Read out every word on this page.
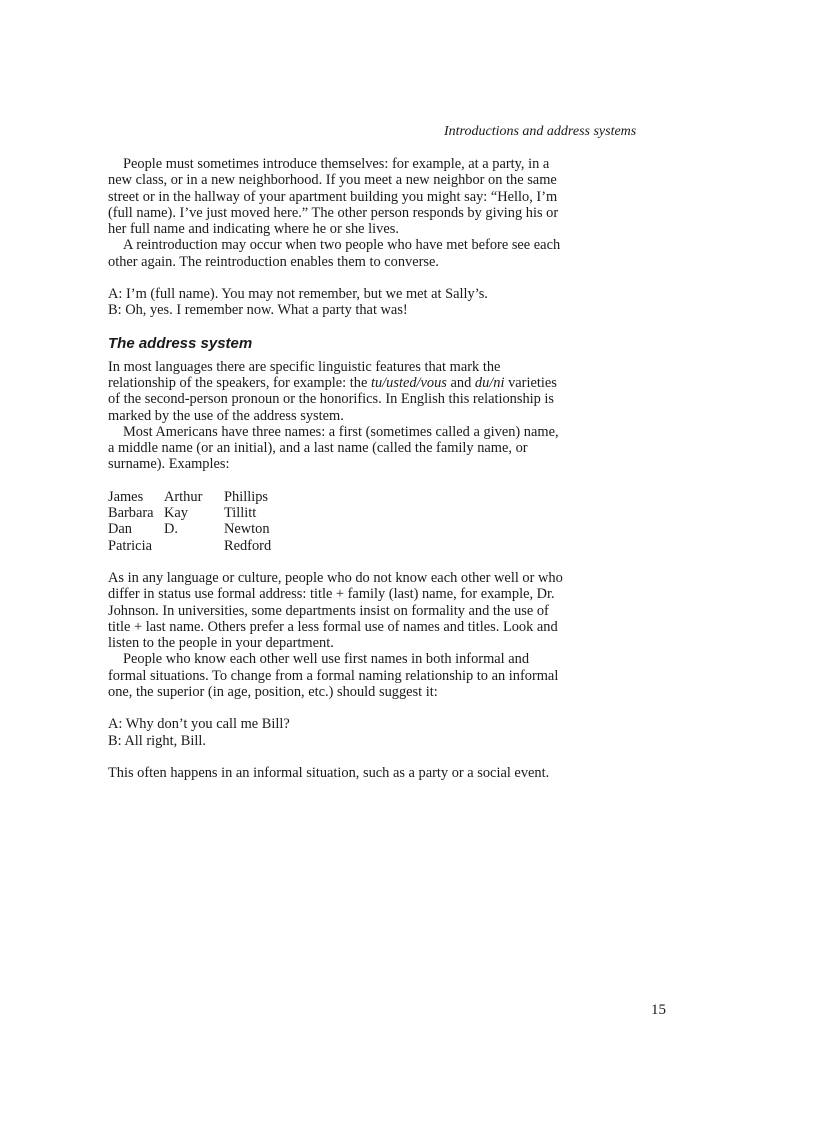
Introductions and address systems

People must sometimes introduce themselves: for example, at a party, in a new class, or in a new neighborhood. If you meet a new neighbor on the same street or in the hallway of your apartment building you might say: “Hello, I’m (full name). I’ve just moved here.” The other person responds by giving his or her full name and indicating where he or she lives.

A reintroduction may occur when two people who have met before see each other again. The reintroduction enables them to converse.

A: I’m (full name). You may not remember, but we met at Sally’s.

B: Oh, yes. I remember now. What a party that was!

The address system

In most languages there are specific linguistic features that mark the relationship of the speakers, for example: the tu/usted/vous and du/ni varieties of the second-person pronoun or the honorifics. In English this relationship is marked by the use of the address system.

Most Americans have three names: a first (sometimes called a given) name, a middle name (or an initial), and a last name (called the family name, or surname). Examples:

James	Arthur	Phillips
Barbara	Kay	Tillitt
Dan	D.	Newton
Patricia		Redford

As in any language or culture, people who do not know each other well or who differ in status use formal address: title + family (last) name, for example, Dr. Johnson. In universities, some departments insist on formality and the use of title + last name. Others prefer a less formal use of names and titles. Look and listen to the people in your department.

People who know each other well use first names in both informal and formal situations. To change from a formal naming relationship to an informal one, the superior (in age, position, etc.) should suggest it:

A: Why don’t you call me Bill?

B: All right, Bill.

This often happens in an informal situation, such as a party or a social event.

15
